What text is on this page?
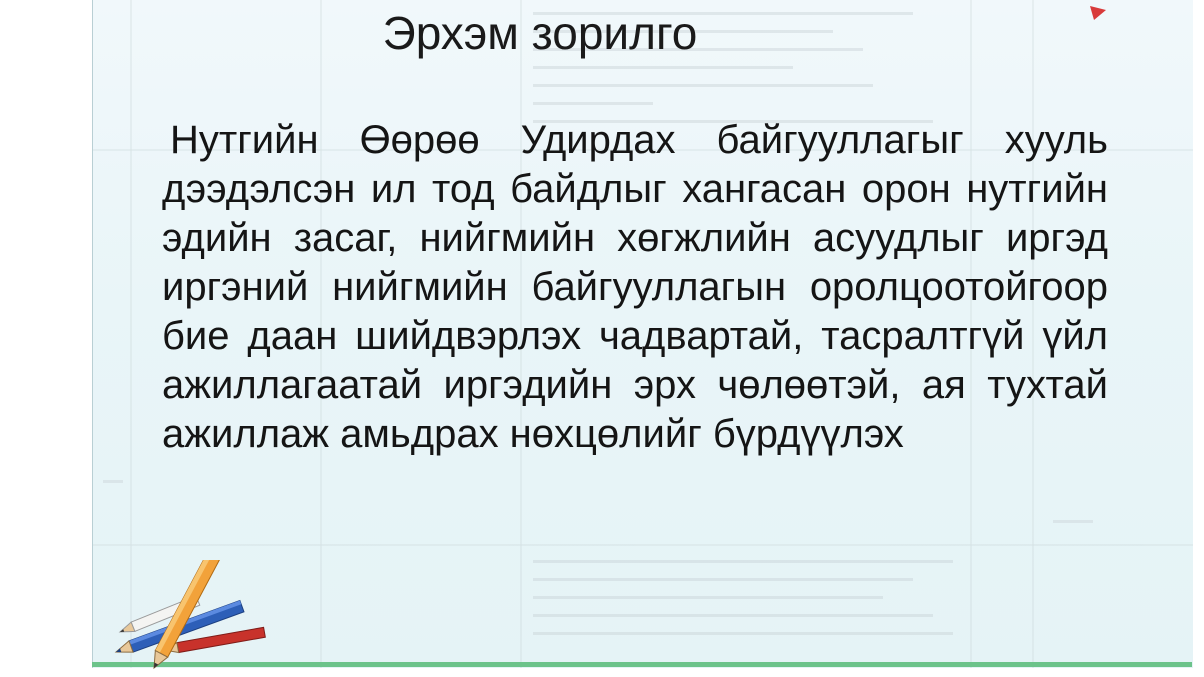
Эрхэм зорилго

Нутгийн Өөрөө Удирдах байгууллагыг хууль дээдэлсэн ил тод байдлыг хангасан орон нутгийн эдийн засаг, нийгмийн хөгжлийн асуудлыг иргэд иргэний нийгмийн байгууллагын оролцоотойгоор бие даан шийдвэрлэх чадвартай, тасралтгүй үйл ажиллагаатай иргэдийн эрх чөлөөтэй, ая тухтай ажиллаж амьдрах нөхцөлийг бүрдүүлэх
